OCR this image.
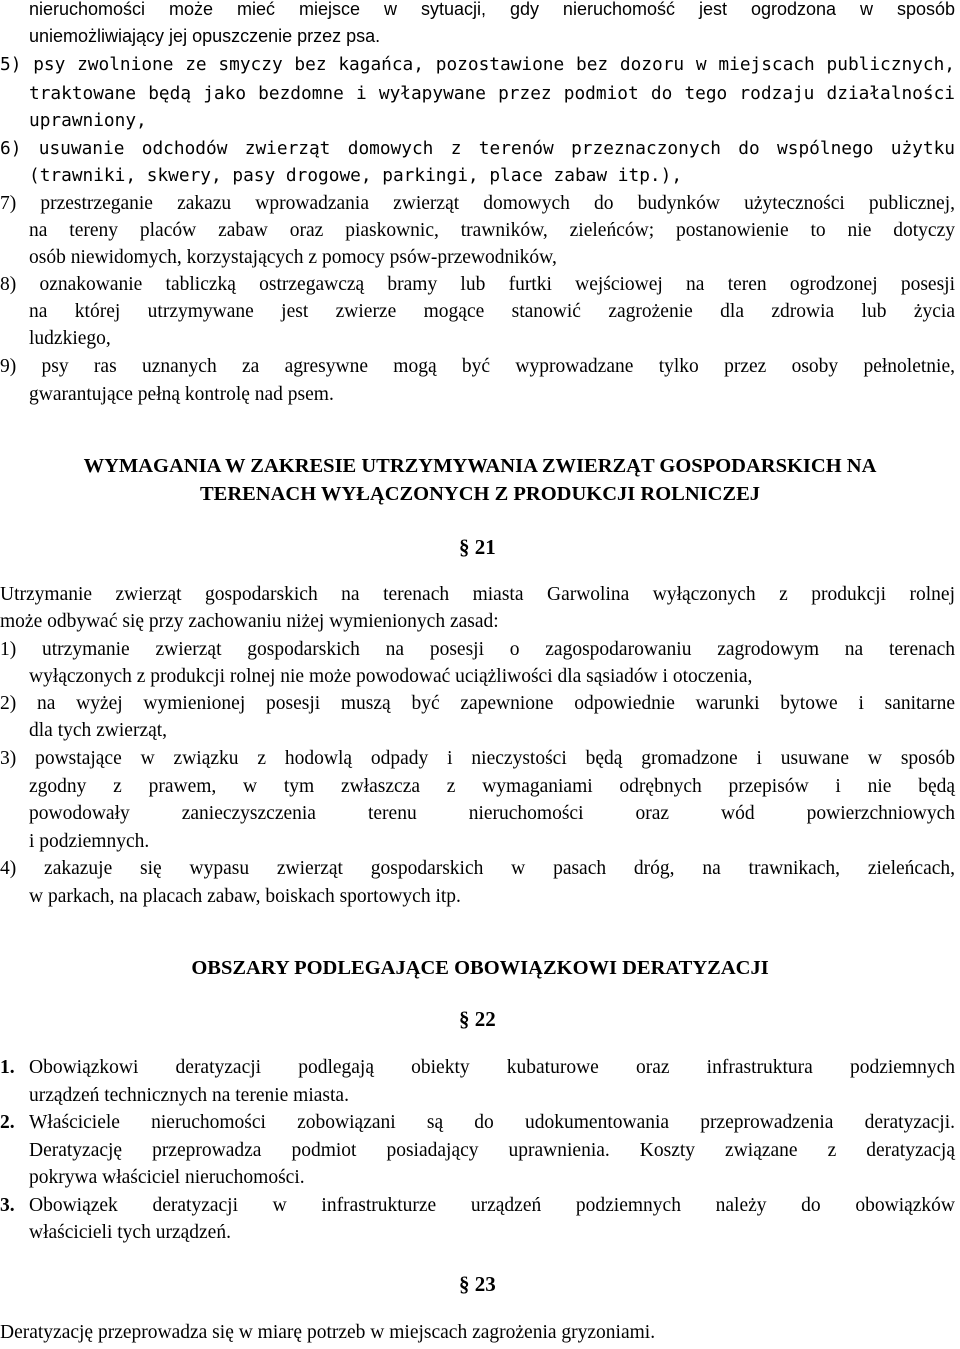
nieruchomości może mieć miejsce w sytuacji, gdy nieruchomość jest ogrodzona w sposób

uniemożliwiający jej opuszczenie przez psa.

5) psy zwolnione ze smyczy bez kagańca, pozostawione bez dozoru w miejscach publicznych,

traktowane będą jako bezdomne i wyłapywane przez podmiot do tego rodzaju działalności

uprawniony,

6) usuwanie odchodów zwierząt domowych z terenów przeznaczonych do wspólnego użytku

(trawniki, skwery, pasy drogowe, parkingi, place zabaw itp.),

7) przestrzeganie zakazu wprowadzania zwierząt domowych do budynków użyteczności publicznej,

na tereny placów zabaw oraz piaskownic, trawników, zieleńców; postanowienie to nie dotyczy

osób niewidomych, korzystających z pomocy psów-przewodników,

8) oznakowanie tabliczką ostrzegawczą bramy lub furtki wejściowej na teren ogrodzonej posesji

na której utrzymywane jest zwierze mogące stanowić zagrożenie dla zdrowia lub życia

ludzkiego,

9) psy ras uznanych za agresywne mogą być wyprowadzane tylko przez osoby pełnoletnie,

gwarantujące pełną kontrolę nad psem.

WYMAGANIA W ZAKRESIE UTRZYMYWANIA ZWIERZĄT GOSPODARSKICH NA

TERENACH WYŁĄCZONYCH Z PRODUKCJI ROLNICZEJ

§ 21

Utrzymanie zwierząt gospodarskich na terenach miasta Garwolina wyłączonych z produkcji rolnej

może odbywać się przy zachowaniu niżej wymienionych zasad:

1) utrzymanie zwierząt gospodarskich na posesji o zagospodarowaniu zagrodowym na terenach

wyłączonych z produkcji rolnej nie może powodować uciążliwości dla sąsiadów i otoczenia,

2) na wyżej wymienionej posesji muszą być zapewnione odpowiednie warunki bytowe i sanitarne

dla tych zwierząt,

3) powstające w związku z hodowlą odpady i nieczystości będą gromadzone i usuwane w sposób

zgodny z prawem, w tym zwłaszcza z wymaganiami odrębnych przepisów i nie będą

powodowały zanieczyszczenia terenu nieruchomości oraz wód powierzchniowych

i podziemnych.

4) zakazuje się wypasu zwierząt gospodarskich w pasach dróg, na trawnikach, zieleńcach,

w parkach, na placach zabaw, boiskach sportowych itp.

OBSZARY PODLEGAJĄCE OBOWIĄZKOWI DERATYZACJI

§ 22

1. Obowiązkowi deratyzacji podlegają obiekty kubaturowe oraz infrastruktura podziemnych

urządzeń technicznych na terenie miasta.

2. Właściciele nieruchomości zobowiązani są do udokumentowania przeprowadzenia deratyzacji.

Deratyzację przeprowadza podmiot posiadający uprawnienia. Koszty związane z deratyzacją

pokrywa właściciel nieruchomości.

3. Obowiązek deratyzacji w infrastrukturze urządzeń podziemnych należy do obowiązków

właścicieli tych urządzeń.

§ 23

Deratyzację przeprowadza się w miarę potrzeb w miejscach zagrożenia gryzoniami.
